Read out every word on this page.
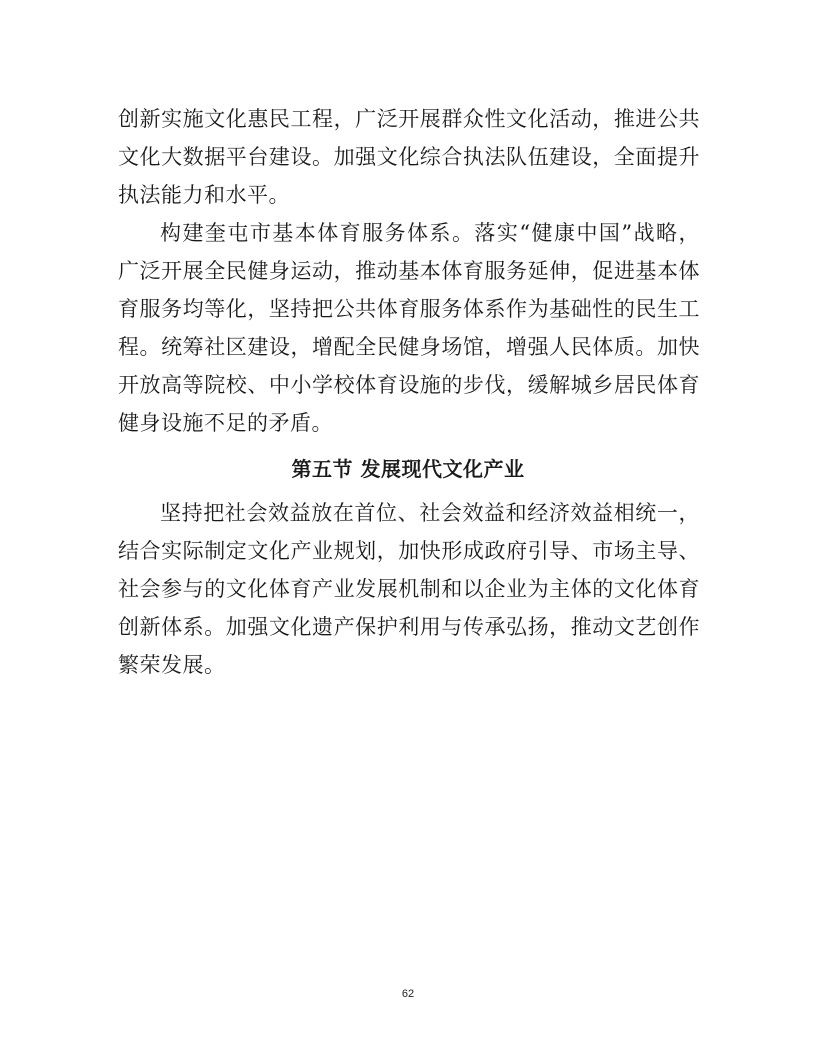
创新实施文化惠民工程，广泛开展群众性文化活动，推进公共
文化大数据平台建设。加强文化综合执法队伍建设，全面提升
执法能力和水平。
构建奎屯市基本体育服务体系。落实“健康中国”战略，
广泛开展全民健身运动，推动基本体育服务延伸，促进基本体
育服务均等化，坚持把公共体育服务体系作为基础性的民生工
程。统筹社区建设，增配全民健身场馆，增强人民体质。加快
开放高等院校、中小学校体育设施的步伐，缓解城乡居民体育
健身设施不足的矛盾。
第五节 发展现代文化产业
坚持把社会效益放在首位、社会效益和经济效益相统一，
结合实际制定文化产业规划，加快形成政府引导、市场主导、
社会参与的文化体育产业发展机制和以企业为主体的文化体育
创新体系。加强文化遗产保护利用与传承弘扬，推动文艺创作
繁荣发展。
62
